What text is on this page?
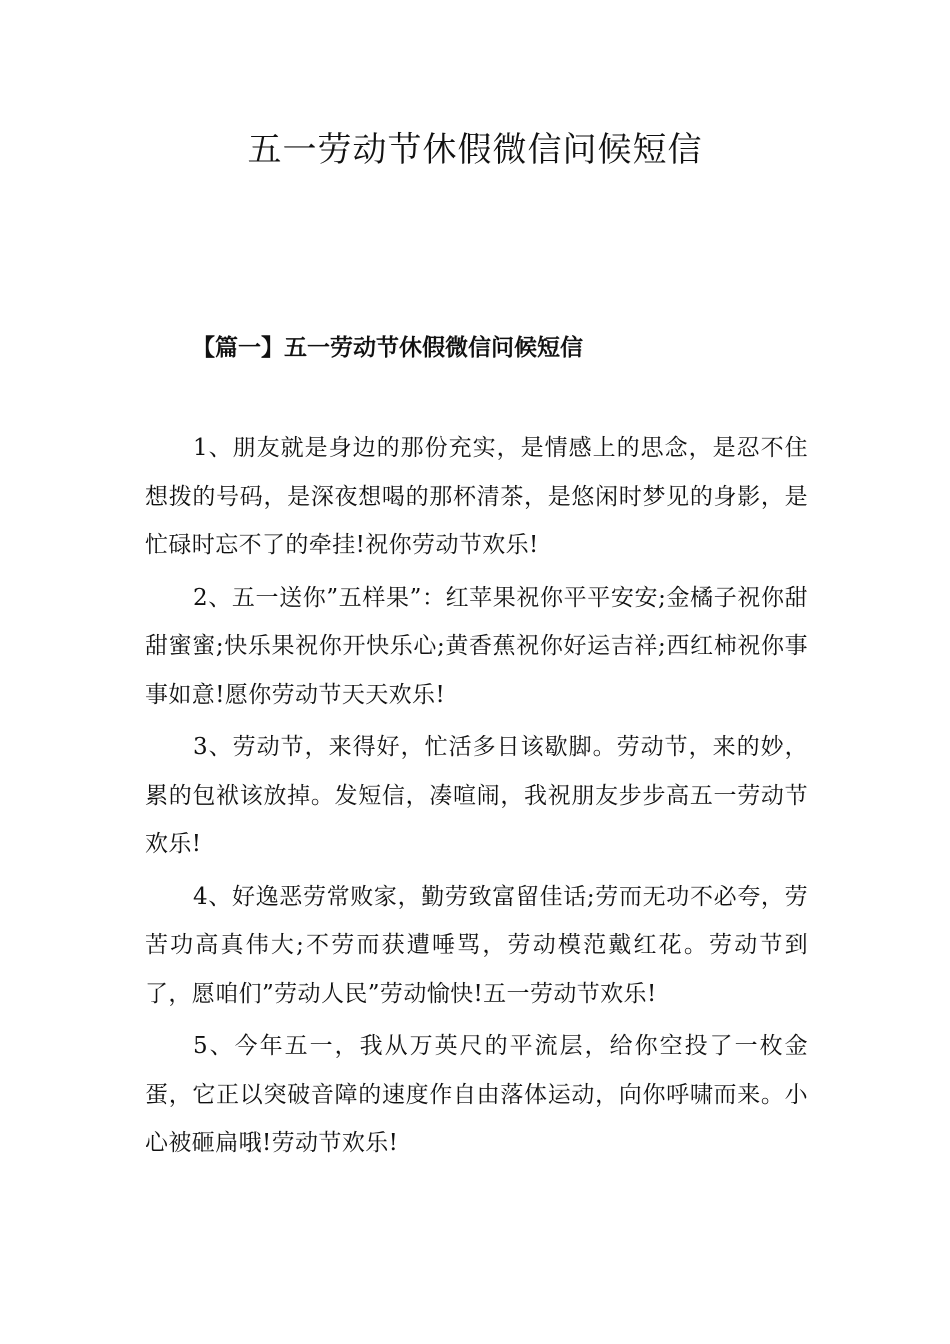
五一劳动节休假微信问候短信
【篇一】五一劳动节休假微信问候短信

1、朋友就是身边的那份充实，是情感上的思念，是忍不住想拨的号码，是深夜想喝的那杯清茶，是悠闲时梦见的身影，是忙碌时忘不了的牵挂!祝你劳动节欢乐!

2、五一送你”五样果”：红苹果祝你平平安安;金橘子祝你甜甜蜜蜜;快乐果祝你开快乐心;黄香蕉祝你好运吉祥;西红柿祝你事事如意!愿你劳动节天天欢乐!

3、劳动节，来得好，忙活多日该歇脚。劳动节，来的妙，累的包袱该放掉。发短信，凑喧闹，我祝朋友步步高五一劳动节欢乐!

4、好逸恶劳常败家，勤劳致富留佳话;劳而无功不必夸，劳苦功高真伟大;不劳而获遭唾骂，劳动模范戴红花。劳动节到了，愿咱们”劳动人民”劳动愉快!五一劳动节欢乐!

5、今年五一，我从万英尺的平流层，给你空投了一枚金蛋，它正以突破音障的速度作自由落体运动，向你呼啸而来。小心被砸扁哦!劳动节欢乐!
